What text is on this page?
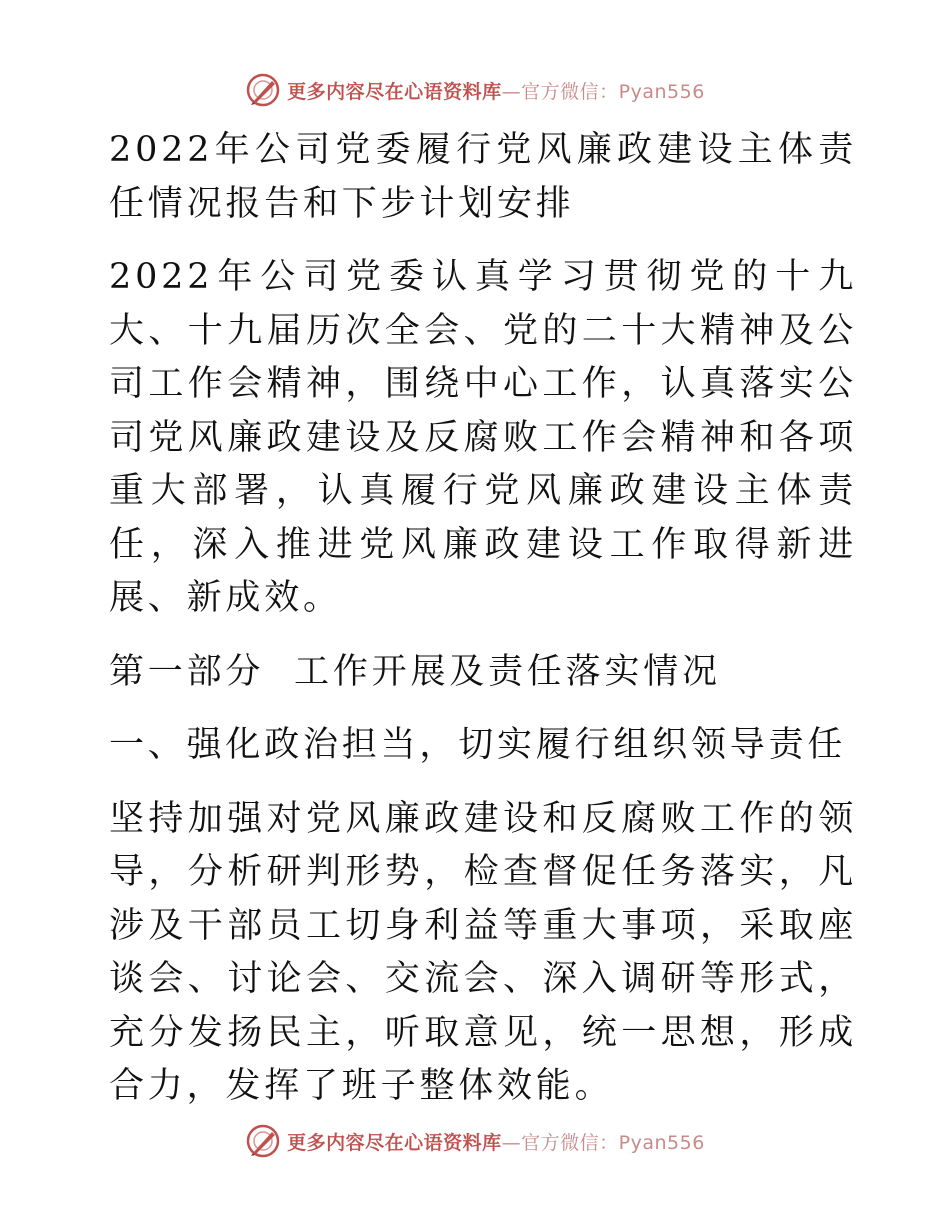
更多内容尽在心语资料库—官方微信：Pyan556

2022年公司党委履行党风廉政建设主体责任情况报告和下步计划安排

2022年公司党委认真学习贯彻党的十九大、十九届历次全会、党的二十大精神及公司工作会精神，围绕中心工作，认真落实公司党风廉政建设及反腐败工作会精神和各项重大部署，认真履行党风廉政建设主体责任，深入推进党风廉政建设工作取得新进展、新成效。

第一部分  工作开展及责任落实情况

一、强化政治担当，切实履行组织领导责任

坚持加强对党风廉政建设和反腐败工作的领导，分析研判形势，检查督促任务落实，凡涉及干部员工切身利益等重大事项，采取座谈会、讨论会、交流会、深入调研等形式，充分发扬民主，听取意见，统一思想，形成合力，发挥了班子整体效能。

更多内容尽在心语资料库—官方微信：Pyan556
